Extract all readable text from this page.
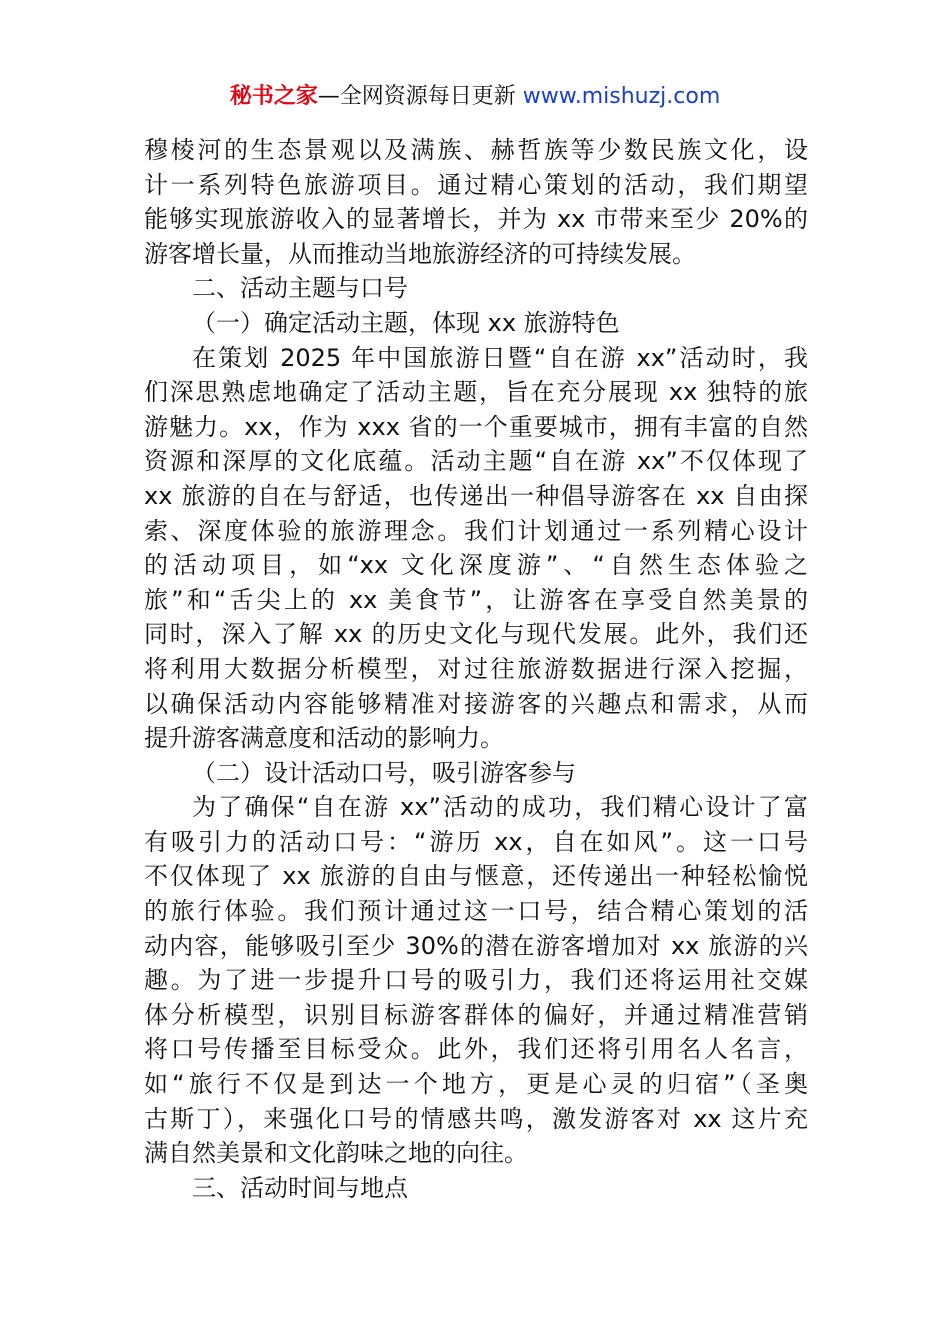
秘书之家—全网资源每日更新 www.mishuzj.com
穆棱河的生态景观以及满族、赫哲族等少数民族文化，设
计一系列特色旅游项目。通过精心策划的活动，我们期望
能够实现旅游收入的显著增长，并为 xx 市带来至少 20%的
游客增长量，从而推动当地旅游经济的可持续发展。
二、活动主题与口号
（一）确定活动主题，体现 xx 旅游特色
在策划 2025 年中国旅游日暨“自在游 xx”活动时，我
们深思熟虑地确定了活动主题，旨在充分展现 xx 独特的旅
游魅力。xx，作为 xxx 省的一个重要城市，拥有丰富的自然
资源和深厚的文化底蕴。活动主题“自在游 xx”不仅体现了
xx 旅游的自在与舒适，也传递出一种倡导游客在 xx 自由探
索、深度体验的旅游理念。我们计划通过一系列精心设计
的活动项目，如“xx 文化深度游”、“自然生态体验之
旅”和“舌尖上的 xx 美食节”，让游客在享受自然美景的
同时，深入了解 xx 的历史文化与现代发展。此外，我们还
将利用大数据分析模型，对过往旅游数据进行深入挖掘，
以确保活动内容能够精准对接游客的兴趣点和需求，从而
提升游客满意度和活动的影响力。
（二）设计活动口号，吸引游客参与
为了确保“自在游 xx”活动的成功，我们精心设计了富
有吸引力的活动口号：“游历 xx，自在如风”。这一口号
不仅体现了 xx 旅游的自由与惬意，还传递出一种轻松愉悦
的旅行体验。我们预计通过这一口号，结合精心策划的活
动内容，能够吸引至少 30%的潜在游客增加对 xx 旅游的兴
趣。为了进一步提升口号的吸引力，我们还将运用社交媒
体分析模型，识别目标游客群体的偏好，并通过精准营销
将口号传播至目标受众。此外，我们还将引用名人名言，
如“旅行不仅是到达一个地方，更是心灵的归宿”（圣奥
古斯丁），来强化口号的情感共鸣，激发游客对 xx 这片充
满自然美景和文化韵味之地的向往。
三、活动时间与地点
